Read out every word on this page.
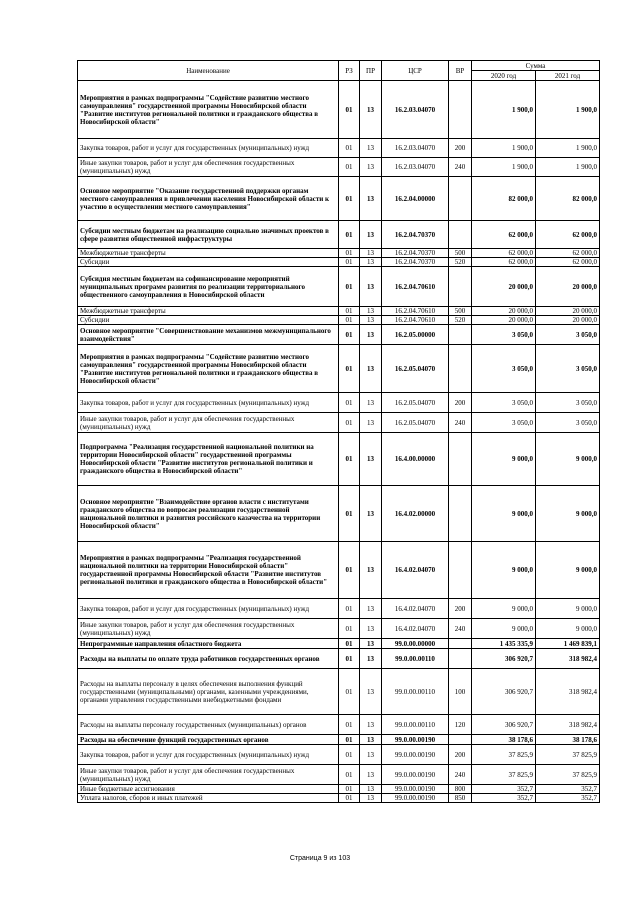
Наименование	РЗ	ПР	ЦСР	ВР	Сумма	
					2020 год	2021 год
Мероприятия в рамках подпрограммы "Содействие развитию местного самоуправления" государственной программы Новосибирской области "Развитие институтов региональной политики и гражданского общества в Новосибирской области"	01	13	16.2.03.04070		1 900,0	1 900,0
Закупка товаров, работ и услуг для государственных (муниципальных) нужд	01	13	16.2.03.04070	200	1 900,0	1 900,0
Иные закупки товаров, работ и услуг для обеспечения государственных (муниципальных) нужд	01	13	16.2.03.04070	240	1 900,0	1 900,0
Основное мероприятие "Оказание государственной поддержки органам местного самоуправления в привлечении населения Новосибирской области к участию в осуществлении местного самоуправления"	01	13	16.2.04.00000		82 000,0	82 000,0
Субсидии местным бюджетам на реализацию социально значимых проектов в сфере развития общественной инфраструктуры	01	13	16.2.04.70370		62 000,0	62 000,0
Межбюджетные трансферты	01	13	16.2.04.70370	500	62 000,0	62 000,0
Субсидии	01	13	16.2.04.70370	520	62 000,0	62 000,0
Субсидия местным бюджетам на софинансирование мероприятий муниципальных программ развития по реализации территориального общественного самоуправления в Новосибирской области	01	13	16.2.04.70610		20 000,0	20 000,0
Межбюджетные трансферты	01	13	16.2.04.70610	500	20 000,0	20 000,0
Субсидии	01	13	16.2.04.70610	520	20 000,0	20 000,0
Основное мероприятие "Совершенствование механизмов межмуниципального взаимодействия"	01	13	16.2.05.00000		3 050,0	3 050,0
Мероприятия в рамках подпрограммы "Содействие развитию местного самоуправления" государственной программы Новосибирской области "Развитие институтов региональной политики и гражданского общества в Новосибирской области"	01	13	16.2.05.04070		3 050,0	3 050,0
Закупка товаров, работ и услуг для государственных (муниципальных) нужд	01	13	16.2.05.04070	200	3 050,0	3 050,0
Иные закупки товаров, работ и услуг для обеспечения государственных (муниципальных) нужд	01	13	16.2.05.04070	240	3 050,0	3 050,0
Подпрограмма "Реализация государственной национальной политики на территории Новосибирской области" государственной программы Новосибирской области "Развитие институтов региональной политики и гражданского общества в Новосибирской области"	01	13	16.4.00.00000		9 000,0	9 000,0
Основное мероприятие "Взаимодействие органов власти с институтами гражданского общества по вопросам реализации государственной национальной политики и развития российского казачества на территории Новосибирской области"	01	13	16.4.02.00000		9 000,0	9 000,0
Мероприятия в рамках подпрограммы "Реализация государственной национальной политики на территории Новосибирской области" государственной программы Новосибирской области "Развитие институтов региональной политики и гражданского общества в Новосибирской области"	01	13	16.4.02.04070		9 000,0	9 000,0
Закупка товаров, работ и услуг для государственных (муниципальных) нужд	01	13	16.4.02.04070	200	9 000,0	9 000,0
Иные закупки товаров, работ и услуг для обеспечения государственных (муниципальных) нужд	01	13	16.4.02.04070	240	9 000,0	9 000,0
Непрограммные направления областного бюджета	01	13	99.0.00.00000		1 435 335,9	1 469 839,1
Расходы на выплаты по оплате труда работников государственных органов	01	13	99.0.00.00110		306 920,7	318 982,4
Расходы на выплаты персоналу в целях обеспечения выполнения функций государственными (муниципальными) органами, казенными учреждениями, органами управления государственными внебюджетными фондами	01	13	99.0.00.00110	100	306 920,7	318 982,4
Расходы на выплаты персоналу государственных (муниципальных) органов	01	13	99.0.00.00110	120	306 920,7	318 982,4
Расходы на обеспечение функций государственных органов	01	13	99.0.00.00190		38 178,6	38 178,6
Закупка товаров, работ и услуг для государственных (муниципальных) нужд	01	13	99.0.00.00190	200	37 825,9	37 825,9
Иные закупки товаров, работ и услуг для обеспечения государственных (муниципальных) нужд	01	13	99.0.00.00190	240	37 825,9	37 825,9
Иные бюджетные ассигнования	01	13	99.0.00.00190	800	352,7	352,7
Уплата налогов, сборов и иных платежей	01	13	99.0.00.00190	850	352,7	352,7
Страница 9 из 103
